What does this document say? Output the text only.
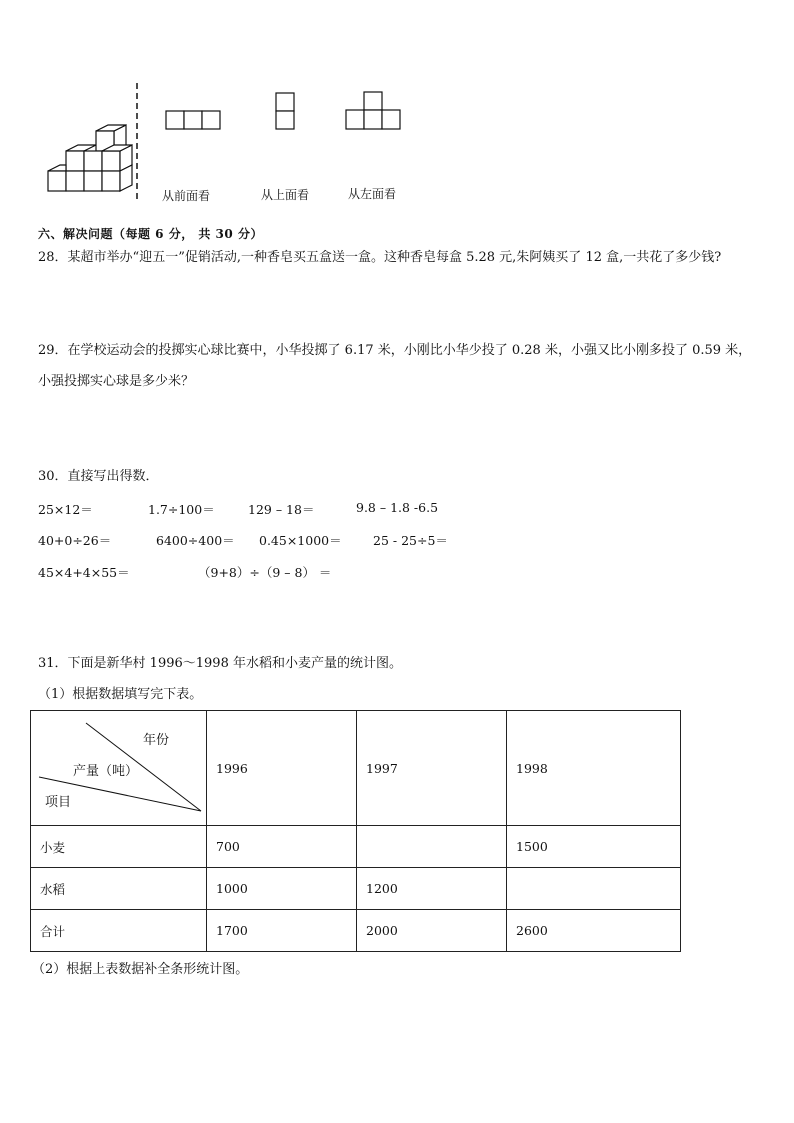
从前面看	从上面看	从左面看
六、解决问题（每题 6 分， 共 30 分）
28．某超市举办“迎五一”促销活动,一种香皂买五盒送一盒。这种香皂每盒 5.28 元,朱阿姨买了 12 盒,一共花了多少钱?
29．在学校运动会的投掷实心球比赛中，小华投掷了 6.17 米，小刚比小华少投了 0.28 米，小强又比小刚多投了 0.59 米，
小强投掷实心球是多少米？
30．直接写出得数．
25×12＝	1.7÷100＝	129 – 18＝	9.8 – 1.8 -6.5
40+0÷26＝	6400÷400＝ 0.45×1000＝	25 - 25÷5＝
45×4+4×55＝	（9+8）÷（9 – 8） ＝
31．下面是新华村 1996～1998 年水稻和小麦产量的统计图。
（1）根据数据填写完下表。
年份
产量（吨）
项目	1996	1997	1998
小麦	700		1500
水稻	1000	1200	
合计	1700	2000	2600
（2）根据上表数据补全条形统计图。
